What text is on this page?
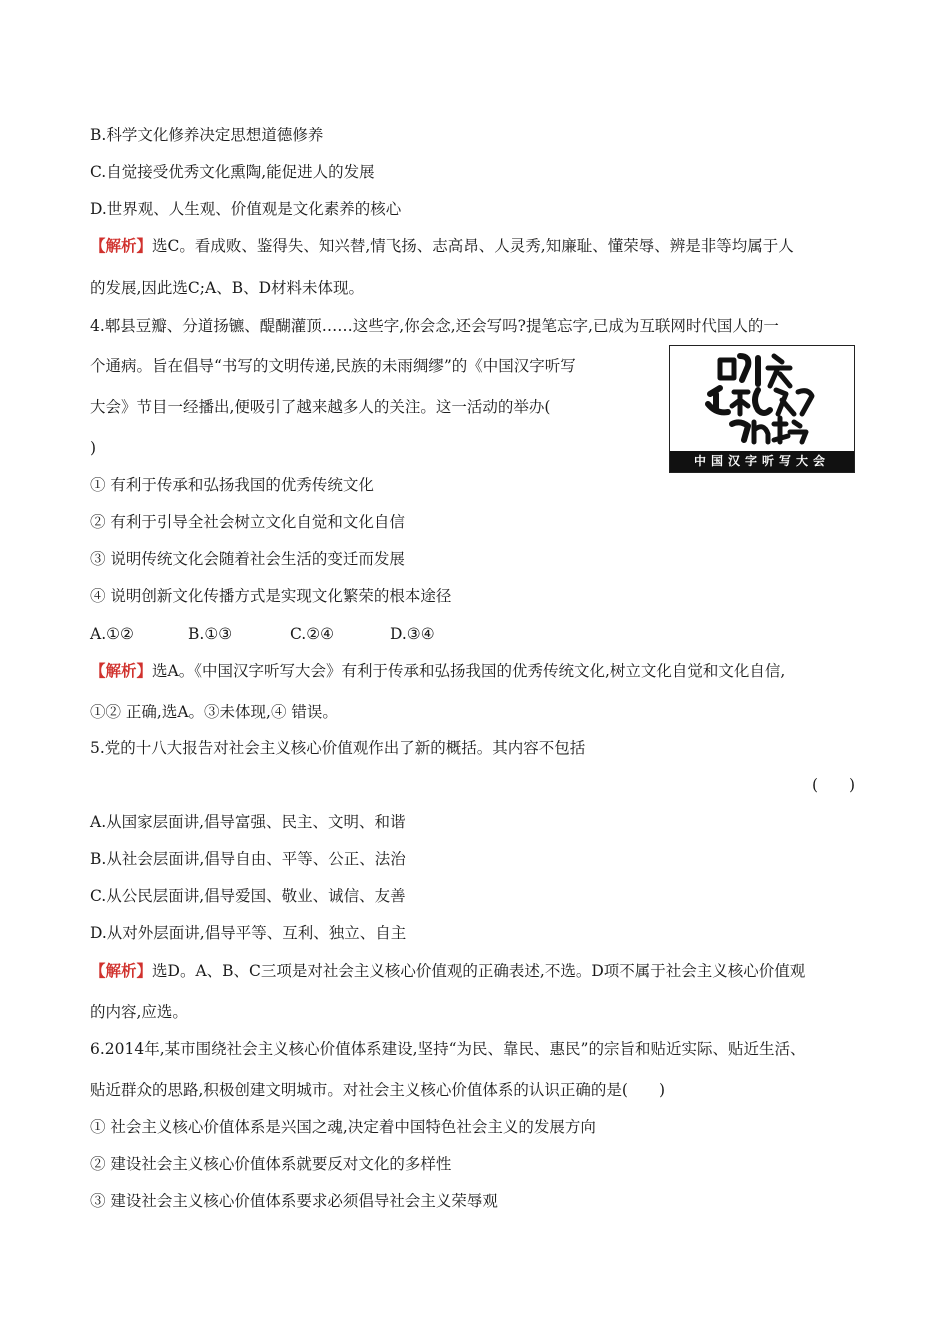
B.科学文化修养决定思想道德修养
C.自觉接受优秀文化熏陶,能促进人的发展
D.世界观、人生观、价值观是文化素养的核心
【解析】选C。看成败、鉴得失、知兴替,情飞扬、志高昂、人灵秀,知廉耻、懂荣辱、辨是非等均属于人
的发展,因此选C;A、B、D材料未体现。
4.郫县豆瓣、分道扬镳、醍醐灌顶……这些字,你会念,还会写吗?提笔忘字,已成为互联网时代国人的一
个通病。旨在倡导“书写的文明传递,民族的未雨绸缪”的《中国汉字听写
大会》节目一经播出,便吸引了越来越多人的关注。这一活动的举办(
)
中国汉字听写大会
① 有利于传承和弘扬我国的优秀传统文化
② 有利于引导全社会树立文化自觉和文化自信
③ 说明传统文化会随着社会生活的变迁而发展
④ 说明创新文化传播方式是实现文化繁荣的根本途径
A.①②	B.①③	C.②④	D.③④
【解析】选A。《中国汉字听写大会》有利于传承和弘扬我国的优秀传统文化,树立文化自觉和文化自信,
①② 正确,选A。③未体现,④ 错误。
5.党的十八大报告对社会主义核心价值观作出了新的概括。其内容不包括
(　　)
A.从国家层面讲,倡导富强、民主、文明、和谐
B.从社会层面讲,倡导自由、平等、公正、法治
C.从公民层面讲,倡导爱国、敬业、诚信、友善
D.从对外层面讲,倡导平等、互利、独立、自主
【解析】选D。A、B、C三项是对社会主义核心价值观的正确表述,不选。D项不属于社会主义核心价值观
的内容,应选。
6.2014年,某市围绕社会主义核心价值体系建设,坚持“为民、靠民、惠民”的宗旨和贴近实际、贴近生活、
贴近群众的思路,积极创建文明城市。对社会主义核心价值体系的认识正确的是(　　)
① 社会主义核心价值体系是兴国之魂,决定着中国特色社会主义的发展方向
② 建设社会主义核心价值体系就要反对文化的多样性
③ 建设社会主义核心价值体系要求必须倡导社会主义荣辱观
